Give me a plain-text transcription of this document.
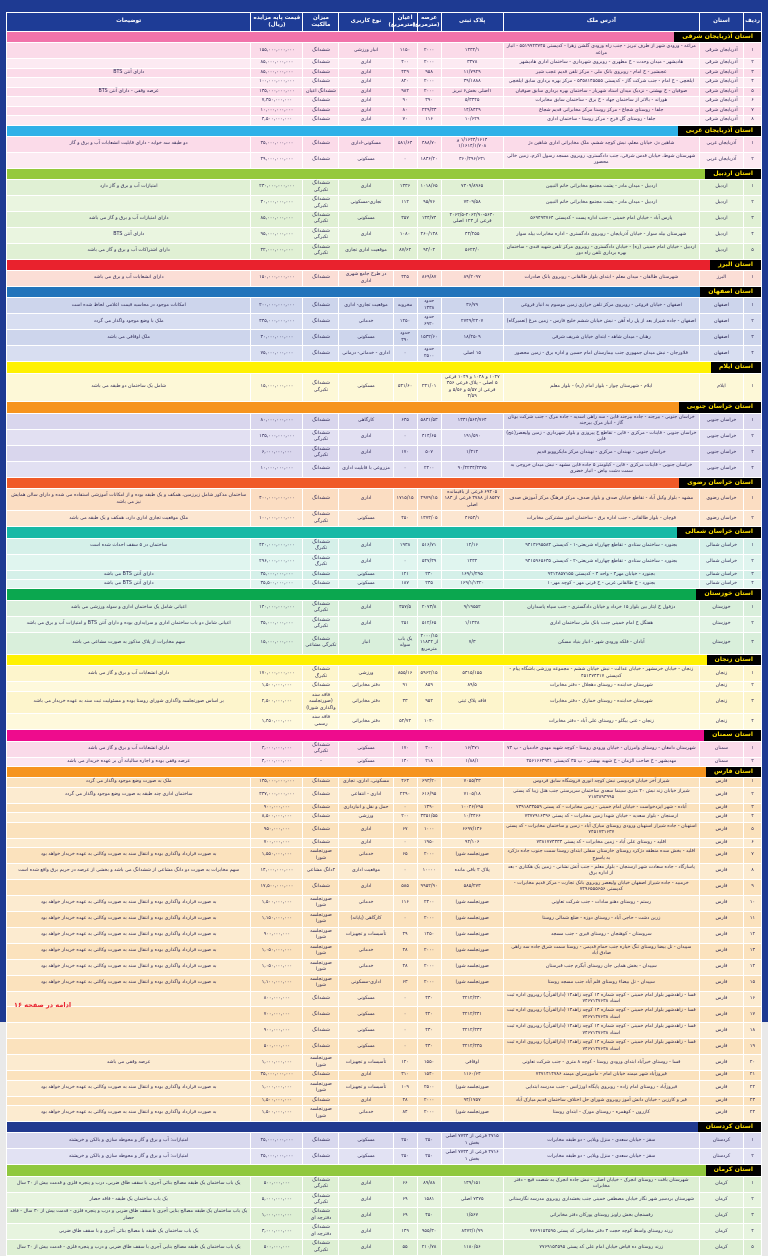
ردیف	استان	آدرس ملک	پلاک ثبتی	عرصه (مترمربع)	اعیان (مترمربع)	نوع کاربری	میزان مالکیت	قیمت پایه مزایده (ریال)	توضیحات

استان آذربایجان شرقی									

۱	آذربایجان شرقی	مراغه - ورودی شهر از طرف تبریز - جنب راه ورودی گلشن زهرا - کدپستی ۵۵۱۹۹۴۳۷۴۵ - انبار مراغه	۱۴۳۲/۱	۲۰۰۰	۱۱۵۰	انبار ورزشی	ششدانگ	۱۵۵,۰۰۰,۰۰۰,۰۰۰	
۲	آذربایجان شرقی	هادیشهر - میدان وحدت - خ مطهری - روبروی شهرداری - ساختمان اداری هادیشهر	۳۳۷۸	۲۰۰۰	۴۰۰	اداری	ششدانگ	۸۵,۰۰۰,۰۰۰,۰۰۰	
۳	آذربایجان شرقی	عجبشیر - خ امام - روبروی بانک ملی - مرکز تلفن قدیم عجب شیر	۱۱/۷۹۲۹	۹۵۸	۴۲۹	اداری	ششدانگ	۸۵,۰۰۰,۰۰۰,۰۰۰	دارای آنتن BTS
۴	آذربایجان شرقی	ایلخچی - خ امام - جنب شرکت گاز - کدپستی ۵۳۵۸۱۴۵۵۵۵ - مرکز بهره برداری سابق ایلخچی	۳۹/۱۸۸۸	۲۰۰۰	۸۲۰	اداری	ششدانگ	۱۰۰,۰۰۰,۰۰۰,۰۰۰	
۵	آذربایجان شرقی	صوفیان - خ بهشتی - نزدیک میدان استاد شهریار - ساختمان بهره برداری سابق صوفیان	۱اصلی بخش۶ تبریز	۲۰۰۰	۹۸۲	اداری	ششدانگ اعیان	۱۳۵,۰۰۰,۰۰۰,۰۰۰	عرصه وقفی - دارای آنتن BTS
۶	آذربایجان شرقی	هوراند - بالاتر از ساختمان جهاد - خ برق - ساختمان سابق مخابرات	۵/۳۳۴۵	۳۹۰	۹۰	اداری	ششدانگ	۷,۳۵۰,۰۰۰,۰۰۰	
۷	آذربایجان شرقی	جلفا - روستای شجاع - مرکز روستا مرکز مخابراتی قدیم شجاع	۱۴/۸۴۲۹	۲۴۹/۳۳	۸۰	اداری	ششدانگ	۱۰,۰۰۰,۰۰۰,۰۰۰	
۸	آذربایجان شرقی	جلفا - روستای گل فرج - مرکز روستا - ساختمان اداری	۱۰/۶۲۹	۱۱۶	۷۰	اداری	ششدانگ	۴,۵۰۰,۰۰۰,۰۰۰	

استان آذربایجان غربی									

۱	آذربایجان غربی	شاهین دژ، خیابان معلم، نبش کوچه ششم، ملک مخابراتی اداری شاهین دژ	۱/۱۶۴۴/۱۶۱۴ و ۱/۱۶۱۴/۱/۷۰۸	۴۸۸/۷۰	۵۸۱/۶۴	مسکونی-اداری	ششدانگ	۳۵,۰۰۰,۰۰۰,۰۰۰	دو طبقه سه خوابه - دارای قابلیت انشعابات آب و برق و گاز
۲	آذربایجان غربی	شهرستان شوط، خیابان قدس شرقی، جنب دادگستری، روبروی مسجد رسول اکرم، زمین خالی محصور	۳۶۰/۳۹۶/۶۳۱	۱۸۳۶/۲۰	۰	مسکونی	ششدانگ	۴۹,۰۰۰,۰۰۰,۰۰۰	

استان اردبیل									

۱	اردبیل	اردبیل - میدان مادر - پشت مجتمع مخابراتی خاتم النبیین	۷۴۰۹/۸۹۶۵	۱۰۱۸/۶۵	۱۳۳۶	اداری	ششدانگ تکبرگی	۲۳۰,۰۰۰,۰۰۰,۰۰۰	امتیازات آب و برق و گاز دارد
۲	اردبیل	اردبیل - میدان مادر - پشت مجتمع مخابراتی خاتم النبیین	۷۴۰۹/۵۸	۹۵/۷۶	۱۱۲	تجاری-مسکونی	ششدانگ تکبرگی	۳۰,۰۰۰,۰۰۰,۰۰۰	
۳	اردبیل	پارس آباد - خیابان امام خمینی - جنب اداره پست - کدپستی ۵۶۹۴۹۳۷۶۴	۲۰۶۲/۵-۲۰۶۲/۹۰-۵۶۳۰ فرعی از ۱۲۳ اصلی	۱۳۴/۷۴	۳۵۷	مسکونی	ششدانگ تکبرگی	۸۵,۰۰۰,۰۰۰,۰۰۰	دارای امتیازات آب و برق و گاز می باشد
۴	اردبیل	شهرستان بیله سوار - خیابان آذربایجان - روبروی دادگستری - اداره مخابرات بیله سوار	۴۴/۲۵۵	۴۶۰/۱۳۸	۱۰۸۰	اداری	ششدانگ تکبرگی	۹۵,۰۰۰,۰۰۰,۰۰۰	دارای آنتن BTS
۵	اردبیل	اردبیل - خیابان امام خمینی (ره) - خیابان دادگستری - روبروی مرکز تلفن شهید قندی - ساختمان بهره برداری تلفن راه دور	۵۶۲۴/۰	۹۲/۰۴	۸۷/۶۴	موقعیت اداری تجاری	ششدانگ تکبرگی	۴۲,۰۰۰,۰۰۰,۰۰۰	دارای اشتراکات آب و برق و گاز می باشد

استان البرز									

۱	البرز	شهرستان طالقان - میدان معلم - ابتدای بلوار طالقانی - روبروی بانک صادرات	۸۹/۲۰۹۷	۸۶۹/۸۷	۳۲۵	در طرح جامع شهری اداری	ششدانگ	۱۵۰,۰۰۰,۰۰۰,۰۰۰	دارای انشعابات آب و برق می باشد

استان اصفهان									

۱	اصفهان	اصفهان - خیابان فروغی - روبروی مرکز تلفن خرازی زمین موسوم به انبار فروغی	۳۶/۷۹	حدود ۱۳۳۸	مخروبه	موقعیت تجاری- اداری	ششدانگ	۲۰۰,۰۰۰,۰۰۰,۰۰۰	امکانات موجود در محاسبه قیمت اعلامی لحاظ شده است
۲	اصفهان	اصفهان - جاده شیراز بعد از پل راه آهن - نبش خیابان ششم خلیج فارس - زمین مرغ (تعمیرگاه)	۲۷۴۹/۲۴۰۷	حدود ۶۹۲۰	۱۲۵۰	خدماتی	ششدانگ	۳۴۵,۰۰۰,۰۰۰,۰۰۰	ملک با وضع موجود واگذار می گردد
۳	اصفهان	رهنان - میدان شاهد - ابتدای خیابان شریف شرقی	۱۸/۴۵۰۹	۱۵۳۲/۶۰	حدود ۳۹۰	مسکونی	ششدانگ	۳۰,۰۰۰,۰۰۰,۰۰۰	ملک اوقافی می باشد
۴	اصفهان	فلاورجان - نبش میدان جمهوری جنب بیمارستان امام حسین و اداره برق - زمین محصور	۱۵ اصلی	حدود ۲۵۰۰	۰	اداری - خدماتی- درمانی	ششدانگ	۷۵,۰۰۰,۰۰۰,۰۰۰	

استان ایلام									

۱	ایلام	ایلام - شهرستان چوار - بلوار امام (ره) - بلوار معلم	۱۰۴۷ و ۱۰۴۸ و ۱۰۴۹ فرعی ۵ اصلی - پلاک فرعی ۳۵۶ فرعی از ۵/۵۷ و ۵/۵۶ و ۴/۵۹	۲۳۱/۰۱	۵۳۱/۶۰	مسکونی	ششدانگ تکبرگی	۱۵,۰۰۰,۰۰۰,۰۰۰	شامل یک ساختمان دو طبقه می باشد

استان خراسان جنوبی									

۱	خراسان جنوبی	خراسان جنوبی - بیرجند - جاده بیرجند قاین - سه راهی اسدیه - جاده مرک - جنب شرکت بوتان گاز - انبار مرک بیرجند	۱۳۳۱/۵۶۲/۷۶۴	۵۸۳۱/۵۳	۶۳۵	کارگاهی	ششدانگ	۸۰,۰۰۰,۰۰۰,۰۰۰	
۲	خراسان جنوبی	خراسان جنوبی - قاینات - مرکزی - قاین - تقاطع خ پیروزی و بلوار شهرداری - زمین ولیعصر(عج) قاین	۱۹۱/۵۹۰	۴۱۴/۶۵	۰	اداری	ششدانگ تکبرگی	۱۳۵,۰۰۰,۰۰۰,۰۰۰	
۳	خراسان جنوبی	خراسان جنوبی - نهبندان - مرکزی - نهبندان مرکز مایکروویو قدیم	۱/۳۱۴	۵۰۷	۱۷۰	اداری	ششدانگ تکبرگی	۶,۰۰۰,۰۰۰,۰۰۰	
۴	خراسان جنوبی	خراسان جنوبی - قاینات مرکزی - قاین - کیلومتر ۵ جاده قاین مشهد - نبش میدان خروجی به سمت دشت بیاض - انبار خضری	۹۰/۳۲۳۴/۳۳۷۵	۲۴۰۰	۰	مزروعی با قابلیت اداری	ششدانگ	۱۰,۰۰۰,۰۰۰,۰۰۰	

استان خراسان رضوی									

۱	خراسان رضوی	مشهد - بلوار وکیل آباد - تقاطع خیابان صدف و بلوار صدف، مرکز فرهنگ مرکز آموزش صدف	۶۹۴۰۵ فرعی از باقیمانده ۸۵۲۷ از ۳۷۸۸ فرعی از ۱۸۳ اصلی	۲۹۷۹/۱۵	۱۷۱۵/۱۵	اداری	ششدانگ	۴۰۰,۰۰۰,۰۰۰,۰۰۰	ساختمان مذکور شامل زیرزمین، همکف و یک طبقه بوده و از امکانات آموزشی استفاده می شده و دارای سالن همایش نیز می باشد
۲	خراسان رضوی	قوچان - بلوار طالقانی - جنب اداره برق - ساختمان امور مشترکین مخابرات	۴۶۵۳/۱	۱۳۷۳/۰۵	۴۵۰	مسکونی	ششدانگ تکبرگی	۱۰۰,۰۰۰,۰۰۰,۰۰۰	ملک موقعیت تجاری اداری دارد، همکف و یک طبقه می باشد

استان خراسان شمالی									

۱	خراسان شمالی	بجنورد - ساختمان ستادی - تقاطع چهارراه شریعتی-۱ - کدپستی ۹۴۱۳۶۹۵۵۸۳	۱۲/۱۶	۵۱۶/۷۱	۱۹۳۸	اداری	ششدانگ تکبرگ	۴۲۰,۰۰۰,۰۰۰,۰۰۰	ساختمان در ۵ سقف احداث شده است
۲	خراسان شمالی	بجنورد - ساختمان ستادی - تقاطع چهارراه شریعتی-۲ - کدپستی ۹۴۱۵۹۶۵۶۳۵	۱۴۳۲	۵۴۷/۳۹	۰	اداری	ششدانگ تکبرگ	۲۹۶,۰۰۰,۰۰۰,۰۰۰	
۳	خراسان شمالی	بجنورد - خیابان مهر۴ - واحد ۳ - کدپستی ۹۴۱۴۸۵۷۱۵۵	۱۶۹/۱/۲۹۵	۲۳۰	۱۲۱	مسکونی	ششدانگ	۳۵,۰۰۰,۰۰۰,۰۰۰	دارای آنتن BTS می باشد
۴	خراسان شمالی	بجنورد - خ طالقانی غربی - خ قرنی مهر - کوچه مهر۱۰	۱۶۹/۱/۱۳۲۰	۲۳۵	۱۸۷	مسکونی	ششدانگ	۳۵,۵۰۰,۰۰۰,۰۰۰	دارای آنتن BTS می باشد

استان خوزستان									

۱	خوزستان	دزفول خ ایثار بین بلوار ۱۵ خرداد و خیابان دادگستری - جنب سپاه پاسداران	۹/۱۹۵۵۲	۲۰۷۳/۸	۳۵۷/۵	اداری	ششدانگ تکبرگی	۱۴۰,۰۰۰,۰۰۰,۰۰۰	اعیانی شامل یک ساختمان اداری و سوله ورزشی می باشد
۲	خوزستان	هفتگل خ امام خمینی جنب بانک ملی ساختمان اداری	۱/۱۴۳۸	۵۱۲/۶۵	۲۵۱	اداری	ششدانگ تکبرگی	۳۵,۰۰۰,۰۰۰,۰۰۰	اعیانی شامل دو باب ساختمان اداری و سرایداری بوده و دارای آنتن BTS و امتیازات آب و برق می باشد
۳	خوزستان	آبادان - فلکه ورودی شهر - انبار بنیاد مسکن	۷/۳	۴۰۰۰/۱۵ از ۱۱۸۴۴ مترمربع	یک باب سوله	انبار	ششدانگ تکبرگی مشاعی	۱۵,۰۰۰,۰۰۰,۰۰۰	سهم مخابرات از پلاک مذکور به صورت مشاعی می باشد

استان زنجان									

۱	زنجان	زنجان - خیابان خرمشهر - خیابان عدالت - نبش خیابان ششم - مجموعه ورزشی باشگاه پیام - کدپستی ۴۵۱۴۷۴۳۱۷	۵۳۱۵/۱۵۵	۵۹۶۲/۱۵	۸۵۵/۱۶	ورزشی	ششدانگ تکبرگ	۱۷۰,۰۰۰,۰۰۰,۰۰۰	دارای انشعابات آب و برق و گاز می باشد
۲	زنجان	شهرستان خدابنده - روستای دهجلال - دفتر مخابرات	۸۹/۵	۸۵۹	۹۱	دفتر مخابراتی	ششدانگ	۱,۵۰۰,۰۰۰,۰۰۰	
۳	زنجان	شهرستان خدابنده - روستای خمارک - دفتر مخابرات	فاقد پلاک ثبتی	۹۵۲	۳۳	دفتر مخابراتی	فاقد سند (صورتجلسه واگذاری شورا)	۲,۵۰۰,۰۰۰,۰۰۰	بر اساس صورتجلسه واگذاری شورای روستا بوده و مسئولیت ثبت سند به عهده خریدار می باشد
۴	زنجان	زنجان - غنی بیگلو - روستای علی آباد - دفتر مخابرات		۱۰۳۰	۵۲/۷۴	دفتر مخابراتی	فاقد سند رسمی	۱,۴۵۰,۰۰۰,۰۰۰	

استان سمنان									

۱	سمنان	شهرستان دامغان - روستای وامرزان - خیابان ورودی روستا - کوچه شهید مهدی خادمیان - پ ۷۳	۱۶/۳۷۱	۳۰۰	۱۷۰	مسکونی	ششدانگ تکبرگی	۳,۰۰۰,۰۰۰,۰۰۰	دارای انشعابات آب و برق و گاز می باشد
۲	سمنان	مهدیشهر - خ صاحب الزمان - خ شهید بهشتی - پ ۳۵ کدپستی ۴۵۶۱۶۶۳۹۴۱	۱/۸۸/۱	۲۱۸	۱۴۰	مسکونی	-	۴,۰۰۰,۰۰۰,۰۰۰	عرصه وقفی بوده و اجاره سالیانه آن بر عهده خریدار می باشد

استان فارس									

۱	فارس	شیراز آخر خیابان فردوسی نبش کوچه انوری فروشگاه سابق فردوس	۷۰۵۵/۳۳	۶۹۳/۲۰	۴۶۳	مسکونی، اداری، تجاری	ششدانگ	۱۳۵,۰۰۰,۰۰۰,۰۰۰	ملک به صورت وضع موجود واگذار می گردد
۲	فارس	شیراز خیابان زند نبش ۲۰ متری سینما سعدی ساختمان سرپرستی جنب هتل زیبا کد پستی ۷۱۸۳۸۹۳۹۹۵	۷۱۰۵/۱۸	۶۱۶/۹۵	۲۲۹۰	اداری - انتفاعی	ششدانگ	۳۳۷,۰۰۰,۰۰۰,۰۰۰	ساختمان اداری چند طبقه به صورت وضع موجود واگذار می گردد
۳	فارس	آباده - شهر ایزدخواست - خیابان امام خمینی - زمین مخابرات - کد پستی ۷۳۹۱۸۳۳۵۵۹	۱۰۰۴۶/۶۹۵	۱۳۹۰	۰	حمل و نقل و انبارداری	ششدانگ	۹۰۰,۰۰۰,۰۰۰	
۴	فارس	ارسنجان - بلوار سعدیه - خیابان شهدا زمین مخابرات - کد پستی ۷۳۷۷۹۱۶۳۹۶	۱۰/۳۴۶۶	۳۳۵۱/۵۵	۲۰۰	ورزشی	ششدانگ	۸,۵۰۰,۰۰۰,۰۰۰	
۵	فارس	استهبان - جاده شیراز استهبان ورودی روستای مبارک آباد - زمین و ساختمان مخابرات - کد پستی ۷۴۵۱۷۳۱۶۳۷	۶۶۹۷/۱۳۶	۱۰۰۰	۶۷	اداری	ششدانگ	۹۵۰,۰۰۰,۰۰۰	
۶	فارس	اقلید - روستای علی آباد - زمین مخابرات - کد پستی ۷۳۸۱۷۷۴۳۳۳	۹۲/۱۰۶	۱۹۵۰	۰	اداری	ششدانگ	۷۰۰,۰۰۰,۰۰۰	
۷	فارس	اقلید - بخش سده منطقه دژکرد روستای خارستان سفلی ابتدای روستا سمت جنوب جاده دژکرد به یاسوج	صورتجلسه شورا	۲۰۰۰	۶۵	خدماتی	صورتجلسه شورا	۱,۵۵۰,۰۰۰,۰۰۰	به صورت قرارداد واگذاری بوده و انتقال سند به صورت وکالتی به عهده خریدار خواهد بود
۸	فارس	پاسارگاد - جاده سعادت شهر ارسنجان - بلوار معلم - جنب آتش نشانی - زمین یک هکتاری - بعد از اداره برق	پلاک ۲ باقی مانده	۱۰۰۰۰	۰	موقعیت اداری	۲دانگ مشاعی	۱۴,۰۰۰,۰۰۰,۰۰۰	سهم مخابرات به صورت دو دانگ مشاعی از ششدانگ می باشد و بخشی از عرصه در حریم برق واقع شده است
۹	فارس	خرمبید - جاده شیراز اصفهان خیابان ولیعصر روبروی بانک تجارت - مرکز قدیم مخابرات - کدپستی ۷۳۹۶۵۵۵۶۵۶	۵۸۵/۲۷۳	۹۹۵۲/۹۰	۵۸۵	اداری	ششدانگ	۱۷,۵۰۰,۰۰۰,۰۰۰	
۱۰	فارس	رستم - روستای دهنو سادات - جنب شرکت تعاونی	صورتجلسه شورا	۲۴۰۰	۱۱۶	خدماتی	صورتجلسه شورا	۱,۵۰۰,۰۰۰,۰۰۰	به صورت قرارداد واگذاری بوده و انتقال سند به صورت وکالتی به عهده خریدار خواهد بود
۱۱	فارس	زرین دشت - حاجی آباد - روستای دوزه - ضلع شمالی روستا	صورتجلسه شورا	۲۰۰۰	۰	کارگاهی (پایانه)	صورتجلسه شورا	۱,۱۵۰,۰۰۰,۰۰۰	به صورت قرارداد واگذاری بوده و انتقال سند به صورت وکالتی به عهده خریدار خواهد بود
۱۲	فارس	سروستان - کوهنجان - روستای قیری - جنب مسجد	صورتجلسه شورا	۱۲۵۰	۴۹	تأسیسات و تجهیزات	صورتجلسه شورا	۹۰۰,۰۰۰,۰۰۰	به صورت قرارداد واگذاری بوده و انتقال سند به صورت وکالتی به عهده خریدار خواهد بود
۱۳	فارس	سپیدان - تل بیضا روستای تنگ خیاره جنب حمام قدیمی - روستا سمت شرق جاده سه راهی صادق آباد	صورتجلسه شورا	۲۰۰۰	۴۸	خدماتی	صورتجلسه شورا	۱,۰۵۰,۰۰۰,۰۰۰	به صورت قرارداد واگذاری بوده و انتقال سند به صورت وکالتی به عهده خریدار خواهد بود
۱۴	فارس	سپیدان - بخش همایی جان روستای آبگرم جنب قبرستان	صورتجلسه شورا	۲۰۰۰	۴۸	خدماتی	صورتجلسه شورا	۱,۰۵۰,۰۰۰,۰۰۰	به صورت قرارداد واگذاری بوده و انتقال سند به صورت وکالتی به عهده خریدار خواهد بود
۱۵	فارس	سپیدان - تل بیضاء روستای قلم آباد جنب مسجد روستا	صورتجلسه شورا	۲۰۰۰	۶۳	اداری-مسکونی	صورتجلسه شورا	۱,۱۰۰,۰۰۰,۰۰۰	به صورت قرارداد واگذاری بوده و انتقال سند به صورت وکالتی به عهده خریدار خواهد بود
۱۶	فارس	فسا - زاهدشهر بلوار امام خمینی - کوچه شماره ۱۴ کوچه زاهد۱۴ (دارالقرآن) روبروی اداره ثبت اسناد ۷۴۶۷۱۳۷۶۳۸	۳۲۱۲/۳۳۰	۴۳۰	۰	مسکونی	ششدانگ	۸۰۰,۰۰۰,۰۰۰	
۱۷	فارس	فسا - زاهدشهر بلوار امام خمینی - کوچه شماره ۱۴ کوچه زاهد۱۴ (دارالقرآن) روبروی اداره ثبت اسناد ۷۴۶۷۱۳۷۶۳۸	۳۲۱۲/۳۳۱	۴۲۰	۰	مسکونی	ششدانگ	۷۰۰,۰۰۰,۰۰۰	
۱۸	فارس	فسا - زاهدشهر بلوار امام خمینی - کوچه شماره ۱۴ کوچه زاهد۱۴ (دارالقرآن) روبروی اداره ثبت اسناد ۷۴۶۷۱۳۷۶۳۸	۳۲۱۲/۳۳۴	۴۳۰	۰	مسکونی	ششدانگ	۹۰۰,۰۰۰,۰۰۰	
۱۹	فارس	فسا - زاهدشهر بلوار امام خمینی - کوچه شماره ۱۴ کوچه زاهد۱۴ (دارالقرآن) روبروی اداره ثبت اسناد ۷۴۶۷۱۳۷۶۳۸	۳۲۱۲/۳۳۵	۴۳۰	۰	مسکونی	ششدانگ	۵۰۰,۰۰۰,۰۰۰	
۲۰	فارس	فسا - روستای خیرآباد ابتدای ورودی روستا - کوچه ۸ متری - جنب شرکت تعاونی	اوقافی	۱۵۵۰	۱۲۰	تأسیسات و تجهیزات	صورتجلسه شورا	۱,۰۰۰,۰۰۰,۰۰۰	عرصه وقفی می باشد
۲۱	فارس	فیروزآباد شهر میمند خیابان امام - مأمورسرای میمند ۷۴۷۱۴۱۴۷۸۶	۱۱۶۰/۶۴	۱۵۴۰	۳۱۰	اداری	ششدانگ	۳۵,۰۰۰,۰۰۰,۰۰۰	
۲۲	فارس	فیروزآباد - روستای امام زاده - روبروی پایگاه اورژانس - جنب مدرسه ابتدایی	صورتجلسه شورا	۲۵۰۰	۱۰۹	تأسیسات و تجهیزات	صورتجلسه شورا	۱,۰۰۰,۰۰۰,۰۰۰	به صورت قرارداد واگذاری بوده و انتقال سند به صورت وکالتی به عهده خریدار خواهد بود
۲۳	فارس	قیر و کارزین - خیابان دانش آموز روبروی شورای حل اختلاف ساختمان قدیم مبارک آباد	۹۴/۱۷۵۷	۲۰۰۰	۴۸	اداری	ششدانگ	۱,۵۰۰,۰۰۰,۰۰۰	
۲۴	فارس	کازرون - کوهمره - روستای مورک - ابتدای روستا	صورتجلسه شورا	۲۰۰۰	۸۴	خدماتی	صورتجلسه شورا	۱,۵۰۰,۰۰۰,۰۰۰	به صورت قرارداد واگذاری بوده و انتقال سند به صورت وکالتی به عهده خریدار خواهد بود

استان کردستان									

۱	کردستان	سقز - خیابان سعدی - منزل ویلایی - دو طبقه مخابرات	۲۷۱۵ فرعی از ۷۷۳۴ اصلی بخش ۱	۲۵۰	۲۵۰	مسکونی	ششدانگ	۴۵,۰۰۰,۰۰۰,۰۰۰	امتیازات: آب و برق و گاز و محوطه سازی و بالکن و خرپشته
۲	کردستان	سقز - خیابان سعدی - منزل ویلایی - دو طبقه مخابرات	۲۷۱۶ فرعی از ۷۷۳۴ اصلی بخش ۱	۲۵۰	۲۵۰	مسکونی	ششدانگ	۴۵,۰۰۰,۰۰۰,۰۰۰	امتیازات: آب و برق و گاز و محوطه سازی و بالکن و خرپشته

استان کرمان									

۱	کرمان	شهرستان بافت - روستای انجرک - خیابان اصلی - نبش جاده انجرک به شصت فیچ - دفتر مخابرات	۱۳۹/۱۵۱	۸۹/۸۸	۶۶	اداری	ششدانگ تکبرگی	۵۰۰,۰۰۰,۰۰۰	یک باب ساختمان یک طبقه مصالح بنائی آجری، با سقف طاق ضربی، درب و پنجره فلزی و قدمت بیش از ۳۰ سال
۲	کرمان	شهرستان بردسیر شهر نگار خیابان مصطفی خمینی جنب بخشداری روبروی مدرسه نگارستانی	۷۴۷۵ اصلی	۱۵۸۱	۶۹	اداری	ششدانگ تکبرگی	۵,۰۰۰,۰۰۰,۰۰۰	یک باب ساختمان یک طبقه - فاقد حصار
۳	کرمان	رفسنجان بخش راویز روستای پورکان دفتر مخابراتی	۱/۵۶۷	۴۵۰	۶۹	اداری	ششدانگ دفترچه ای	۱,۰۰۰,۰۰۰,۰۰۰	یک باب ساختمان یک طبقه مصالح بنایی آجری با سقف طاق ضربی و درب و پنجره فلزی - قدمت بیش از ۳۰ سال - فاقد حصار
۴	کرمان	زرند روستای واسط کوچه حجت ۳ دفتر مخابراتی کد پستی ۷۷۶۹۱۵۴۵۹۵	۸۴۷۲/۱/۹۹	۹۵۵/۳۰	۱۴۹	اداری	ششدانگ دفترچه ای	۳,۰۰۰,۰۰۰,۰۰۰	یک باب ساختمان یک طبقه با مصالح بنائی آجری و با سقف طاق ضربی
۵	کرمان	زرند روستای ده قیاض خیابان امام علی کد پستی ۷۷۶۹۱۵۴۵۹۵	۱۱۸۰/۵۶	۲۱۰/۷۸	۵۵	اداری	ششدانگ تکبرگی	۵۰۰,۰۰۰,۰۰۰	یک باب ساختمان یک طبقه مصالح بنایی آجری با سقف طاق ضربی و درب و پنجره فلزی - قدمت بیش از ۳۰ سال
ادامه در صفحه ۱۶
